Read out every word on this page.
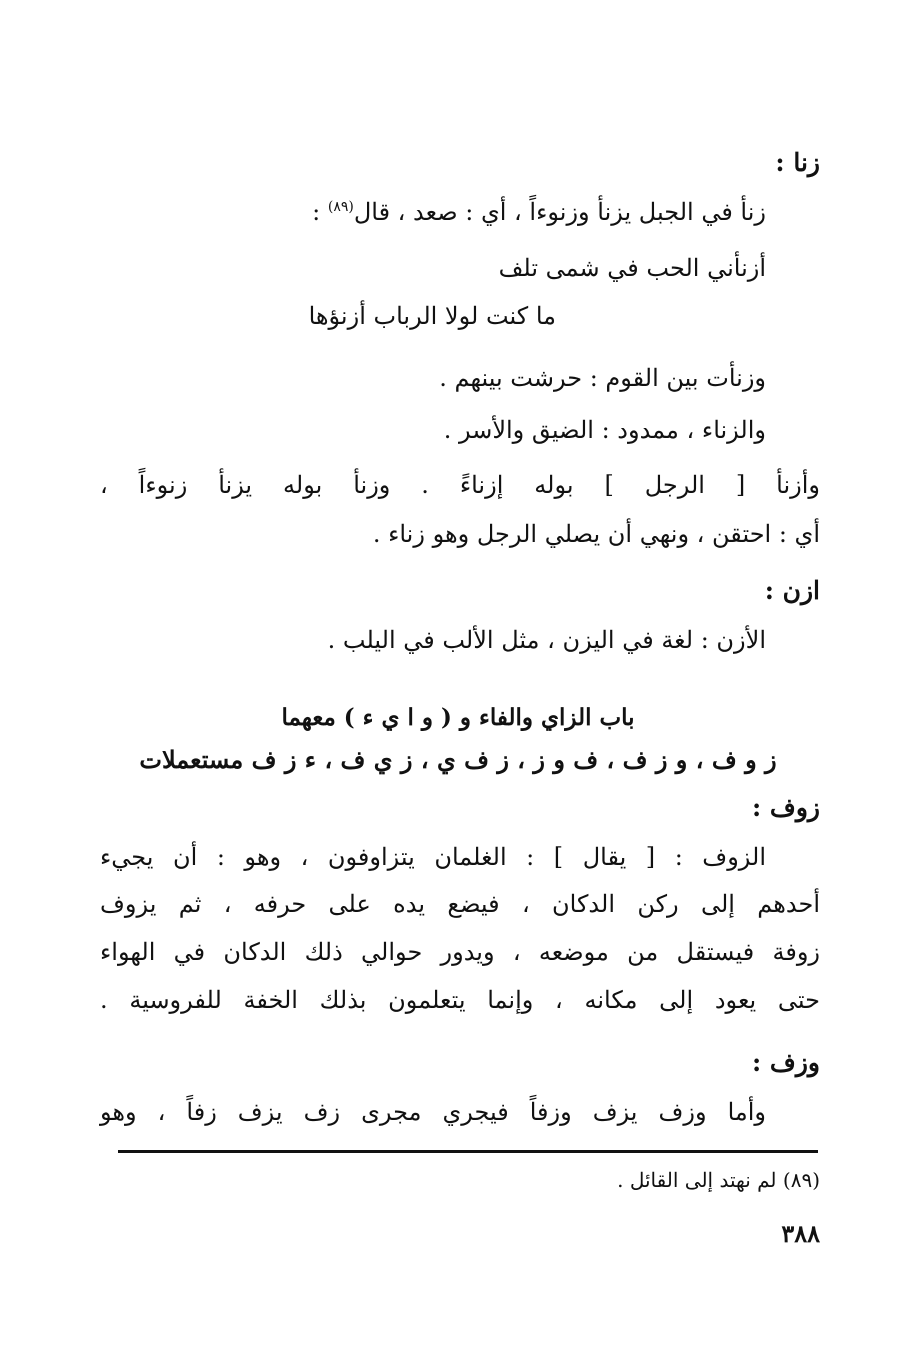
زنا :
زنأ في الجبل يزنأ وزنوءاً ، أي : صعد ، قال$^{(٨٩)}$ :
أزنأني الحب في شمى تلف
ما كنت لولا الرباب أزنؤها
وزنأت بين القوم : حرشت بينهم .
والزناء ، ممدود : الضيق والأسر .
وأزنأ [ الرجل ] بوله إزناءً . وزنأ بوله يزنأ زنوءاً ،
أي : احتقن ، ونهي أن يصلي الرجل وهو زناء .
ازن :
الأزن : لغة في اليزن ، مثل الألب في اليلب .
باب الزاي والفاء و ( و ا ي ء ) معهما
ز و ف ، و ز ف ، ف و ز ، ز ف ي ، ز ي ف ، ء ز ف مستعملات
زوف :
الزوف : [ يقال ] : الغلمان يتزاوفون ، وهو : أن يجيء
أحدهم إلى ركن الدكان ، فيضع يده على حرفه ، ثم يزوف
زوفة فيستقل من موضعه ، ويدور حوالي ذلك الدكان في الهواء
حتى يعود إلى مكانه ، وإنما يتعلمون بذلك الخفة للفروسية .
وزف :
وأما وزف يزف وزفاً فيجري مجرى زف يزف زفاً ، وهو
(٨٩) لم نهتد إلى القائل .
٣٨٨
